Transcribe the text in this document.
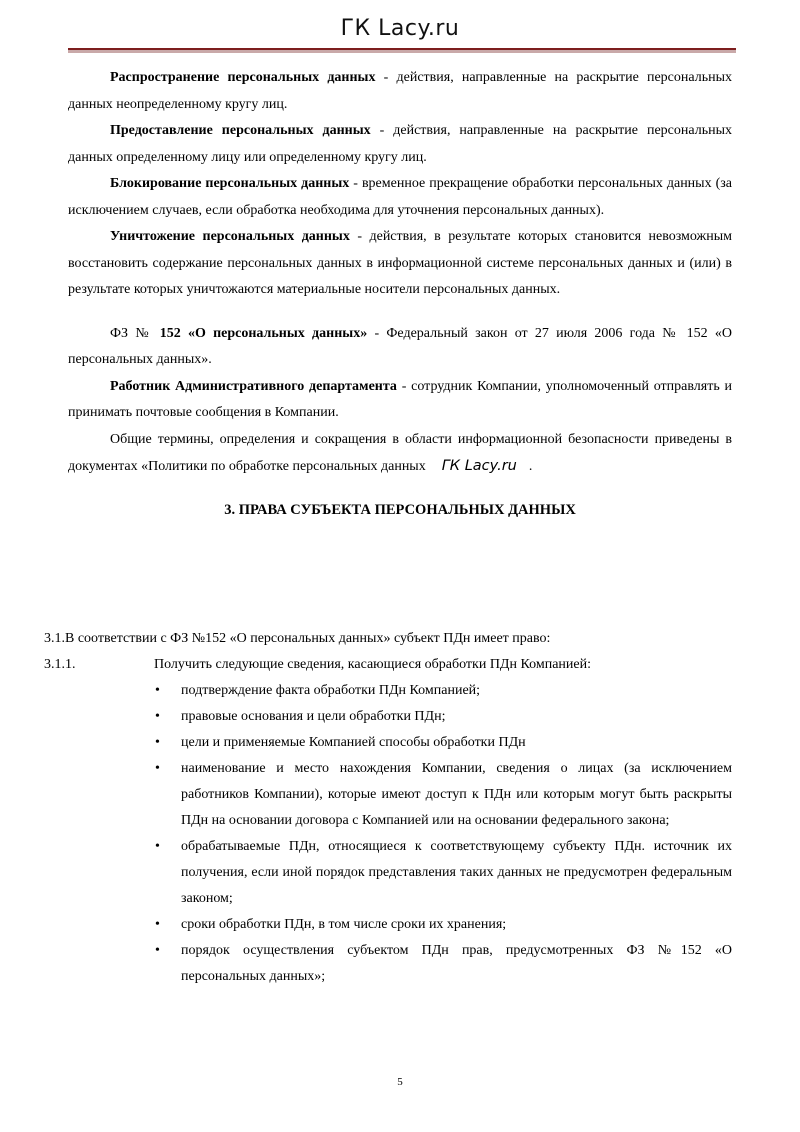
ГК Lacy.ru

Распространение персональных данных - действия, направленные на раскрытие персональных данных неопределенному кругу лиц.

Предоставление персональных данных - действия, направленные на раскрытие персональных данных определенному лицу или определенному кругу лиц.

Блокирование персональных данных - временное прекращение обработки персональных данных (за исключением случаев, если обработка необходима для уточнения персональных данных).

Уничтожение персональных данных - действия, в результате которых становится невозможным восстановить содержание персональных данных в информационной системе персональных данных и (или) в результате которых уничтожаются материальные носители персональных данных.

ФЗ № 152 «О персональных данных» - Федеральный закон от 27 июля 2006 года № 152 «О персональных данных».

Работник Административного департамента - сотрудник Компании, уполномоченный отправлять и принимать почтовые сообщения в Компании.

Общие термины, определения и сокращения в области информационной безопасности приведены в документах «Политики по обработке персональных данных ГК Lacy.ru .

3. ПРАВА СУБЪЕКТА ПЕРСОНАЛЬНЫХ ДАННЫХ
3.1.В соответствии с ФЗ №152 «О персональных данных» субъект ПДн имеет право:
3.1.1.	Получить следующие сведения, касающиеся обработки ПДн Компанией:
• подтверждение факта обработки ПДн Компанией;
• правовые основания и цели обработки ПДн;
• цели и применяемые Компанией способы обработки ПДн
• наименование и место нахождения Компании, сведения о лицах (за исключением работников Компании), которые имеют доступ к ПДн или которым могут быть раскрыты ПДн на основании договора с Компанией или на основании федерального закона;
• обрабатываемые ПДн, относящиеся к соответствующему субъекту ПДн. источник их получения, если иной порядок представления таких данных не предусмотрен федеральным законом;
• сроки обработки ПДн, в том числе сроки их хранения;
• порядок осуществления субъектом ПДн прав, предусмотренных ФЗ №152 «О персональных данных»;
5
